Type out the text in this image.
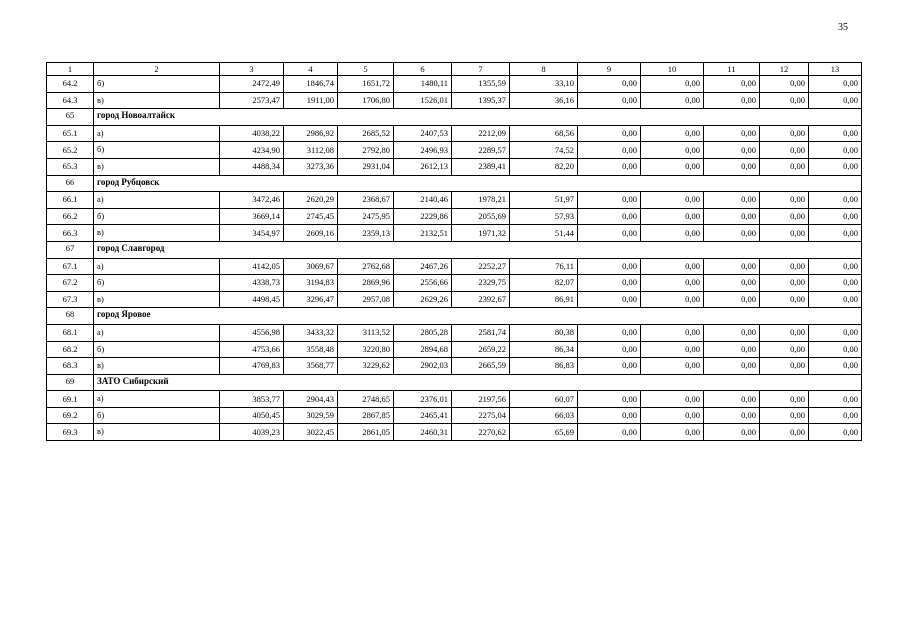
35
1	2	3	4	5	6	7	8	9	10	11	12	13
64.2	б)	2472,49	1846,74	1651,72	1480,11	1355,59	33,10	0,00	0,00	0,00	0,00	0,00
64.3	в)	2573,47	1911,00	1706,80	1526,01	1395,37	36,16	0,00	0,00	0,00	0,00	0,00
65	город Новоалтайск											
65.1	а)	4038,22	2986,92	2685,52	2407,53	2212,09	68,56	0,00	0,00	0,00	0,00	0,00
65.2	б)	4234,90	3112,08	2792,80	2496,93	2289,57	74,52	0,00	0,00	0,00	0,00	0,00
65.3	в)	4488,34	3273,36	2931,04	2612,13	2389,41	82,20	0,00	0,00	0,00	0,00	0,00
66	город Рубцовск											
66.1	а)	3472,46	2620,29	2368,67	2140,46	1978,21	51,97	0,00	0,00	0,00	0,00	0,00
66.2	б)	3669,14	2745,45	2475,95	2229,86	2055,69	57,93	0,00	0,00	0,00	0,00	0,00
66.3	в)	3454,97	2609,16	2359,13	2132,51	1971,32	51,44	0,00	0,00	0,00	0,00	0,00
67	город Славгород											
67.1	а)	4142,05	3069,67	2762,68	2467,26	2252,27	76,11	0,00	0,00	0,00	0,00	0,00
67.2	б)	4338,73	3194,83	2869,96	2556,66	2329,75	82,07	0,00	0,00	0,00	0,00	0,00
67.3	в)	4498,45	3296,47	2957,08	2629,26	2392,67	86,91	0,00	0,00	0,00	0,00	0,00
68	город Яровое											
68.1	а)	4556,98	3433,32	3113,52	2805,28	2581,74	80,38	0,00	0,00	0,00	0,00	0,00
68.2	б)	4753,66	3558,48	3220,80	2894,68	2659,22	86,34	0,00	0,00	0,00	0,00	0,00
68.3	в)	4769,83	3568,77	3229,62	2902,03	2665,59	86,83	0,00	0,00	0,00	0,00	0,00
69	ЗАТО Сибирский											
69.1	а)	3853,77	2904,43	2748,65	2376,01	2197,56	60,07	0,00	0,00	0,00	0,00	0,00
69.2	б)	4050,45	3029,59	2867,85	2465,41	2275,04	66,03	0,00	0,00	0,00	0,00	0,00
69.3	в)	4039,23	3022,45	2861,05	2460,31	2270,62	65,69	0,00	0,00	0,00	0,00	0,00
